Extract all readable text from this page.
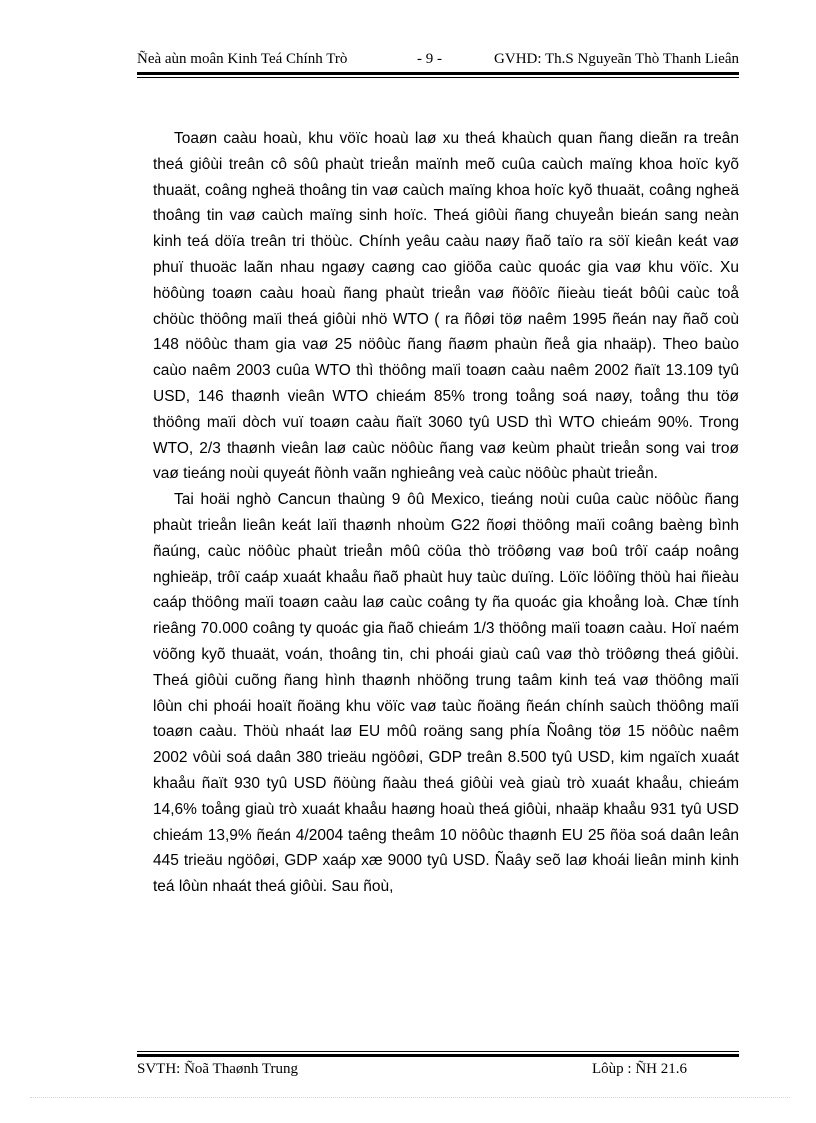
Ñeà aùn moân Kinh Teá Chính Trò	- 9 -	GVHD: Th.S Nguyeãn Thò Thanh Lieân

Toaøn caàu hoaù, khu vöïc hoaù laø xu theá khaùch quan ñang dieãn ra treân theá giôùi treân cô sôû phaùt trieån maïnh meõ cuûa caùch maïng khoa hoïc kyõ thuaät, coâng ngheä thoâng tin vaø caùch maïng khoa hoïc kyõ thuaät, coâng ngheä thoâng tin vaø caùch maïng sinh hoïc. Theá giôùi ñang chuyeån bieán sang neàn kinh teá döïa treân tri thöùc. Chính yeâu caàu naøy ñaõ taïo ra söï kieân keát vaø phuï thuoäc laãn nhau ngaøy caøng cao giöõa caùc quoác gia vaø khu vöïc. Xu höôùng toaøn caàu hoaù ñang phaùt trieån vaø ñöôïc ñieàu tieát bôûi caùc toå chöùc thöông maïi theá giôùi nhö WTO ( ra ñôøi töø naêm 1995 ñeán nay ñaõ coù 148 nöôùc tham gia vaø 25 nöôùc ñang ñaøm phaùn ñeå gia nhaäp). Theo baùo caùo naêm 2003 cuûa WTO thì thöông maïi toaøn caàu naêm 2002 ñaït 13.109 tyû USD, 146 thaønh vieân WTO chieám 85% trong toång soá naøy, toång thu töø thöông maïi dòch vuï toaøn caàu ñaït 3060 tyû USD thì WTO chieám 90%. Trong WTO, 2/3 thaønh vieân laø caùc nöôùc ñang vaø keùm phaùt trieån song vai troø vaø tieáng noùi quyeát ñònh vaãn nghieâng veà caùc nöôùc phaùt trieån.

Tai hoäi nghò Cancun thaùng 9 ôû Mexico, tieáng noùi cuûa caùc nöôùc ñang phaùt trieån lieân keát laïi thaønh nhoùm G22 ñoøi thöông maïi coâng baèng bình ñaúng, caùc nöôùc phaùt trieån môû cöûa thò tröôøng vaø boû trôï caáp noâng nghieäp, trôï caáp xuaát khaåu ñaõ phaùt huy taùc duïng. Löïc löôïng thöù hai ñieàu caáp thöông maïi toaøn caàu laø caùc coâng ty ña quoác gia khoång loà. Chæ tính rieâng 70.000 coâng ty quoác gia ñaõ chieám 1/3 thöông maïi toaøn caàu. Hoï naém vöõng kyõ thuaät, voán, thoâng tin, chi phoái giaù caû vaø thò tröôøng theá giôùi. Theá giôùi cuõng ñang hình thaønh nhöõng trung taâm kinh teá vaø thöông maïi lôùn chi phoái hoaït ñoäng khu vöïc vaø taùc ñoäng ñeán chính saùch thöông maïi toaøn caàu. Thöù nhaát laø EU môû roäng sang phía Ñoâng töø 15 nöôùc naêm 2002 vôùi soá daân 380 trieäu ngöôøi, GDP treân 8.500 tyû USD, kim ngaïch xuaát khaåu ñaït 930 tyû USD ñöùng ñaàu theá giôùi veà giaù trò xuaát khaåu, chieám 14,6% toång giaù trò xuaát khaåu haøng hoaù theá giôùi, nhaäp khaåu 931 tyû USD chieám 13,9% ñeán 4/2004 taêng theâm 10 nöôùc thaønh EU 25 ñöa soá daân leân 445 trieäu ngöôøi, GDP xaáp xæ 9000 tyû USD. Ñaây seõ laø khoái lieân minh kinh teá lôùn nhaát theá giôùi. Sau ñoù,

SVTH: Ñoã Thaønh Trung	Lôùp : ÑH 21.6
